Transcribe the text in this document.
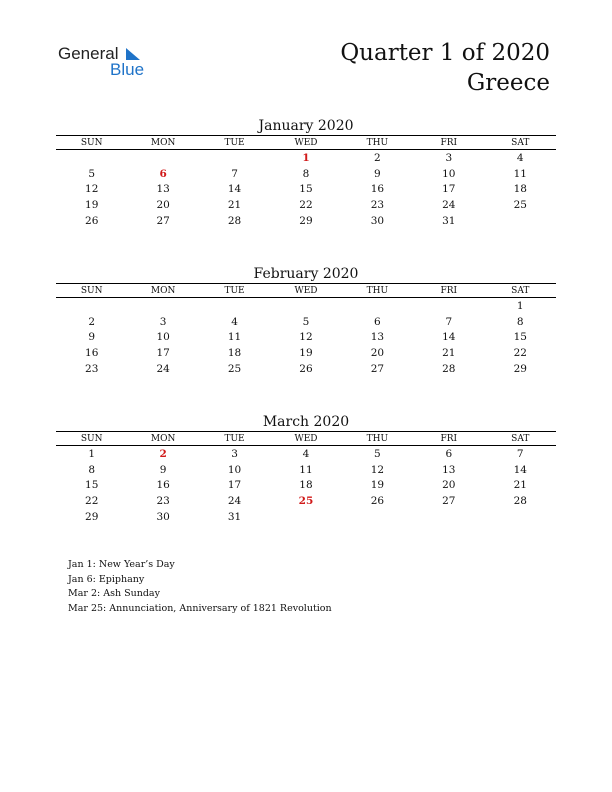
General
Blue
Quarter 1 of 2020
Greece
January 2020
SUN	MON	TUE	WED	THU	FRI	SAT
			1	2	3	4
5	6	7	8	9	10	11
12	13	14	15	16	17	18
19	20	21	22	23	24	25
26	27	28	29	30	31	
February 2020
SUN	MON	TUE	WED	THU	FRI	SAT
						1
2	3	4	5	6	7	8
9	10	11	12	13	14	15
16	17	18	19	20	21	22
23	24	25	26	27	28	29
March 2020
SUN	MON	TUE	WED	THU	FRI	SAT
1	2	3	4	5	6	7
8	9	10	11	12	13	14
15	16	17	18	19	20	21
22	23	24	25	26	27	28
29	30	31				
Jan 1: New Year’s Day
Jan 6: Epiphany
Mar 2: Ash Sunday
Mar 25: Annunciation, Anniversary of 1821 Revolution
